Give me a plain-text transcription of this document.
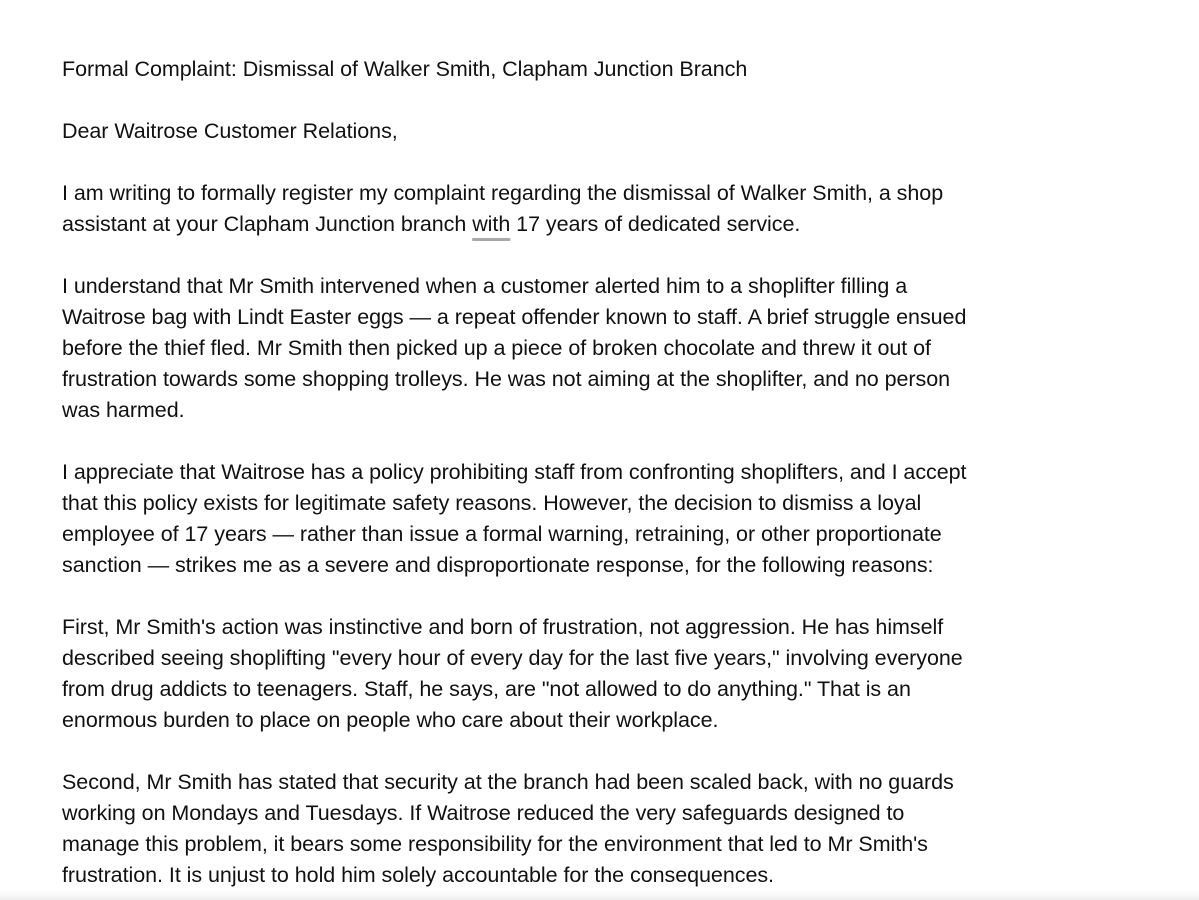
Formal Complaint: Dismissal of Walker Smith, Clapham Junction Branch

Dear Waitrose Customer Relations,

I am writing to formally register my complaint regarding the dismissal of Walker Smith, a shop
assistant at your Clapham Junction branch with 17 years of dedicated service.

I understand that Mr Smith intervened when a customer alerted him to a shoplifter filling a
Waitrose bag with Lindt Easter eggs — a repeat offender known to staff. A brief struggle ensued
before the thief fled. Mr Smith then picked up a piece of broken chocolate and threw it out of
frustration towards some shopping trolleys. He was not aiming at the shoplifter, and no person
was harmed.

I appreciate that Waitrose has a policy prohibiting staff from confronting shoplifters, and I accept
that this policy exists for legitimate safety reasons. However, the decision to dismiss a loyal
employee of 17 years — rather than issue a formal warning, retraining, or other proportionate
sanction — strikes me as a severe and disproportionate response, for the following reasons:

First, Mr Smith's action was instinctive and born of frustration, not aggression. He has himself
described seeing shoplifting "every hour of every day for the last five years," involving everyone
from drug addicts to teenagers. Staff, he says, are "not allowed to do anything." That is an
enormous burden to place on people who care about their workplace.

Second, Mr Smith has stated that security at the branch had been scaled back, with no guards
working on Mondays and Tuesdays. If Waitrose reduced the very safeguards designed to
manage this problem, it bears some responsibility for the environment that led to Mr Smith's
frustration. It is unjust to hold him solely accountable for the consequences.
